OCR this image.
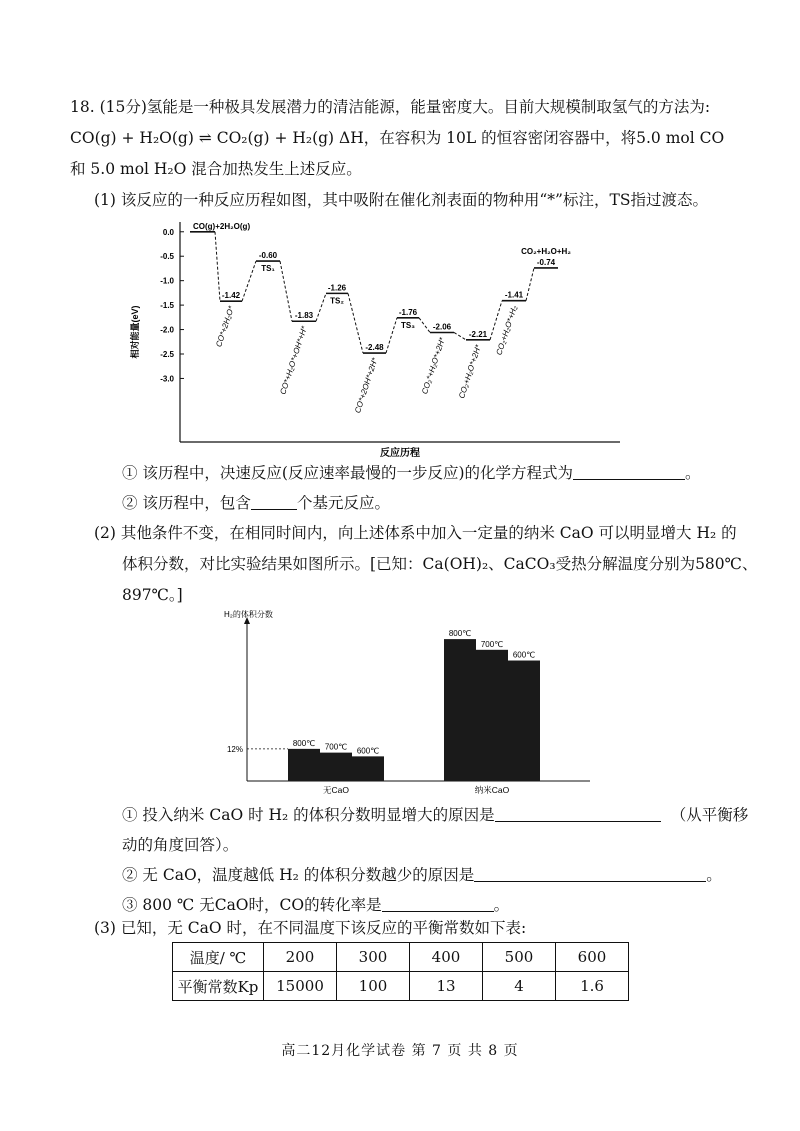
18. (15分)氢能是一种极具发展潜力的清洁能源，能量密度大。目前大规模制取氢气的方法为:
CO(g) + H₂O(g) ⇌ CO₂(g) + H₂(g) ΔH，在容积为 10L 的恒容密闭容器中，将5.0 mol CO
和 5.0 mol H₂O 混合加热发生上述反应。
(1) 该反应的一种反应历程如图，其中吸附在催化剂表面的物种用“*”标注，TS指过渡态。
0.0
-0.5
-1.0
-1.5
-2.0
-2.5
-3.0
相对能量(eV)
反应历程
CO(g)+2H₂O(g)
-1.42
CO*+2H₂O*
-0.60
TS₁
-1.83
CO*+H₂O*+OH*+H*
-1.26
TS₂
-2.48
CO*+2OH*+2H*
-1.76
TS₃ -2.06
CO₂*+H₂O*+2H*
-2.21
CO₂+H₂O*+2H*
-1.41
CO₂+H₂O*+H₂
CO₂+H₂O+H₂
-0.74
① 该历程中，决速反应(反应速率最慢的一步反应)的化学方程式为	。
② 该历程中，包含	个基元反应。
(2) 其他条件不变，在相同时间内，向上述体系中加入一定量的纳米 CaO 可以明显增大 H₂ 的
体积分数，对比实验结果如图所示。[已知：Ca(OH)₂、CaCO₃受热分解温度分别为580℃、
897℃。]
H₂的体积分数
12%
800℃ 700℃ 600℃
无CaO
800℃
700℃
600℃
纳米CaO
① 投入纳米 CaO 时 H₂ 的体积分数明显增大的原因是	（从平衡移
动的角度回答）。
② 无 CaO，温度越低 H₂ 的体积分数越少的原因是	。
③ 800 ℃ 无CaO时，CO的转化率是	。
(3) 已知，无 CaO 时，在不同温度下该反应的平衡常数如下表:
温度/ ℃	200	300	400	500	600
平衡常数Kp	15000	100	13	4	1.6
高二12月化学试卷 第 7 页 共 8 页
